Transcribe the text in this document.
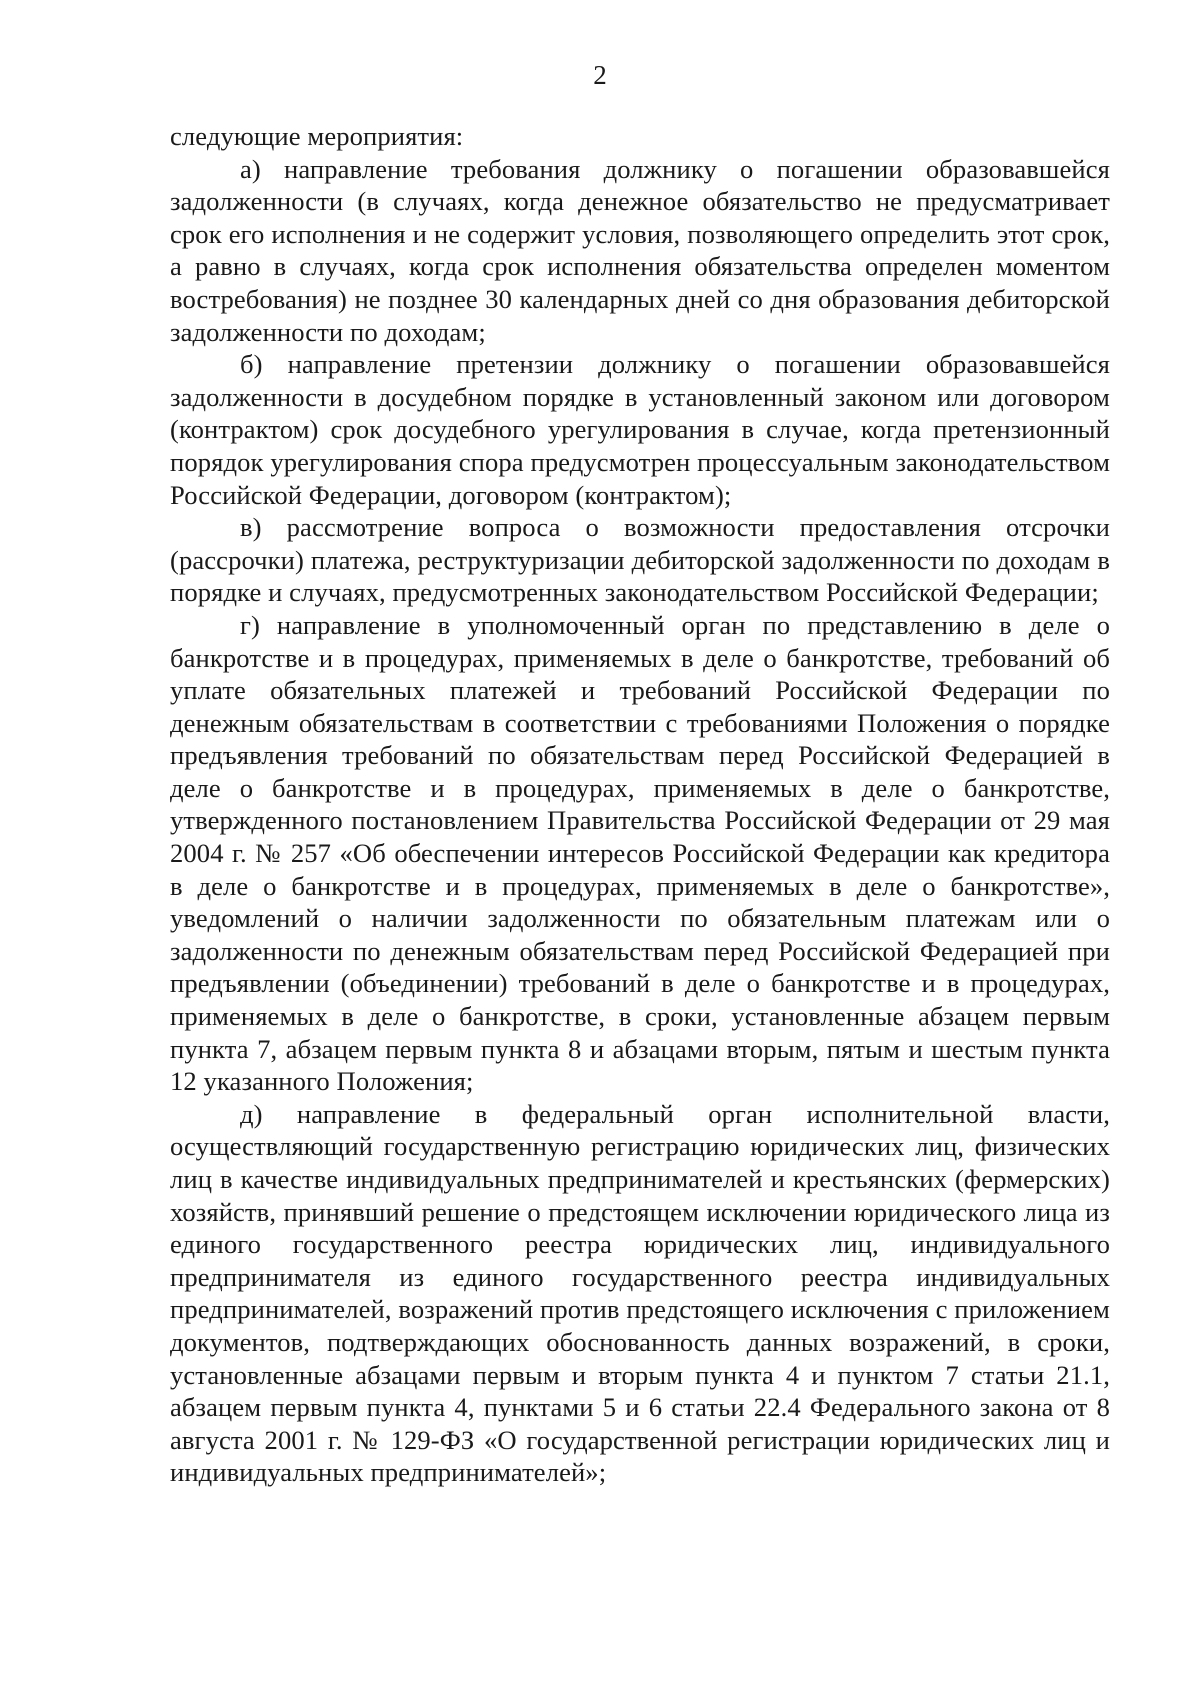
2

следующие мероприятия:

а) направление требования должнику о погашении образовавшейся задолженности (в случаях, когда денежное обязательство не предусматривает срок его исполнения и не содержит условия, позволяющего определить этот срок, а равно в случаях, когда срок исполнения обязательства определен моментом востребования) не позднее 30 календарных дней со дня образования дебиторской задолженности по доходам;

б) направление претензии должнику о погашении образовавшейся задолженности в досудебном порядке в установленный законом или договором (контрактом) срок досудебного урегулирования в случае, когда претензионный порядок урегулирования спора предусмотрен процессуальным законодательством Российской Федерации, договором (контрактом);

в) рассмотрение вопроса о возможности предоставления отсрочки (рассрочки) платежа, реструктуризации дебиторской задолженности по доходам в порядке и случаях, предусмотренных законодательством Российской Федерации;

г) направление в уполномоченный орган по представлению в деле о банкротстве и в процедурах, применяемых в деле о банкротстве, требований об уплате обязательных платежей и требований Российской Федерации по денежным обязательствам в соответствии с требованиями Положения о порядке предъявления требований по обязательствам перед Российской Федерацией в деле о банкротстве и в процедурах, применяемых в деле о банкротстве, утвержденного постановлением Правительства Российской Федерации от 29 мая 2004 г. № 257 «Об обеспечении интересов Российской Федерации как кредитора в деле о банкротстве и в процедурах, применяемых в деле о банкротстве», уведомлений о наличии задолженности по обязательным платежам или о задолженности по денежным обязательствам перед Российской Федерацией при предъявлении (объединении) требований в деле о банкротстве и в процедурах, применяемых в деле о банкротстве, в сроки, установленные абзацем первым пункта 7, абзацем первым пункта 8 и абзацами вторым, пятым и шестым пункта 12 указанного Положения;

д) направление в федеральный орган исполнительной власти, осуществляющий государственную регистрацию юридических лиц, физических лиц в качестве индивидуальных предпринимателей и крестьянских (фермерских) хозяйств, принявший решение о предстоящем исключении юридического лица из единого государственного реестра юридических лиц, индивидуального предпринимателя из единого государственного реестра индивидуальных предпринимателей, возражений против предстоящего исключения с приложением документов, подтверждающих обоснованность данных возражений, в сроки, установленные абзацами первым и вторым пункта 4 и пунктом 7 статьи 21.1, абзацем первым пункта 4, пунктами 5 и 6 статьи 22.4 Федерального закона от 8 августа 2001 г. № 129-ФЗ «О государственной регистрации юридических лиц и индивидуальных предпринимателей»;
